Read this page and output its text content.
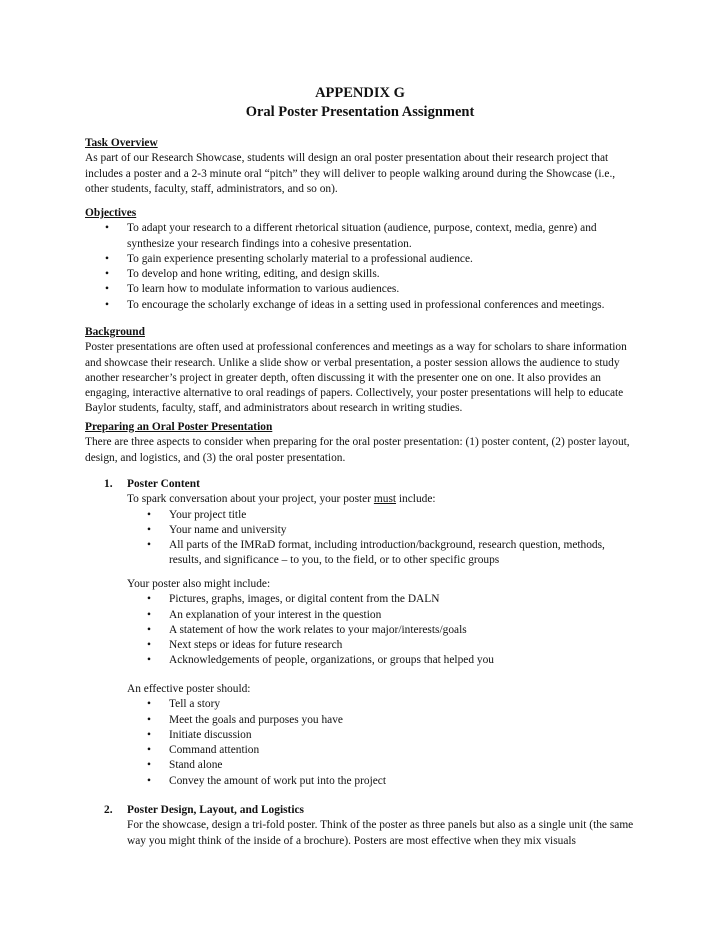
APPENDIX G
Oral Poster Presentation Assignment
Task Overview

As part of our Research Showcase, students will design an oral poster presentation about their research project that includes a poster and a 2-3 minute oral “pitch” they will deliver to people walking around during the Showcase (i.e., other students, faculty, staff, administrators, and so on).

Objectives
• To adapt your research to a different rhetorical situation (audience, purpose, context, media, genre) and synthesize your research findings into a cohesive presentation.
• To gain experience presenting scholarly material to a professional audience.
• To develop and hone writing, editing, and design skills.
• To learn how to modulate information to various audiences.
• To encourage the scholarly exchange of ideas in a setting used in professional conferences and meetings.
Background

Poster presentations are often used at professional conferences and meetings as a way for scholars to share information and showcase their research. Unlike a slide show or verbal presentation, a poster session allows the audience to study another researcher’s project in greater depth, often discussing it with the presenter one on one. It also provides an engaging, interactive alternative to oral readings of papers. Collectively, your poster presentations will help to educate Baylor students, faculty, staff, and administrators about research in writing studies.

Preparing an Oral Poster Presentation

There are three aspects to consider when preparing for the oral poster presentation: (1) poster content, (2) poster layout, design, and logistics, and (3) the oral poster presentation.

1. Poster Content

To spark conversation about your project, your poster must include:

• Your project title
• Your name and university
• All parts of the IMRaD format, including introduction/background, research question, methods, results, and significance – to you, to the field, or to other specific groups

Your poster also might include:

• Pictures, graphs, images, or digital content from the DALN
• An explanation of your interest in the question
• A statement of how the work relates to your major/interests/goals
• Next steps or ideas for future research
• Acknowledgements of people, organizations, or groups that helped you

An effective poster should:

• Tell a story
• Meet the goals and purposes you have
• Initiate discussion
• Command attention
• Stand alone
• Convey the amount of work put into the project
2. Poster Design, Layout, and Logistics

For the showcase, design a tri-fold poster. Think of the poster as three panels but also as a single unit (the same way you might think of the inside of a brochure). Posters are most effective when they mix visuals
